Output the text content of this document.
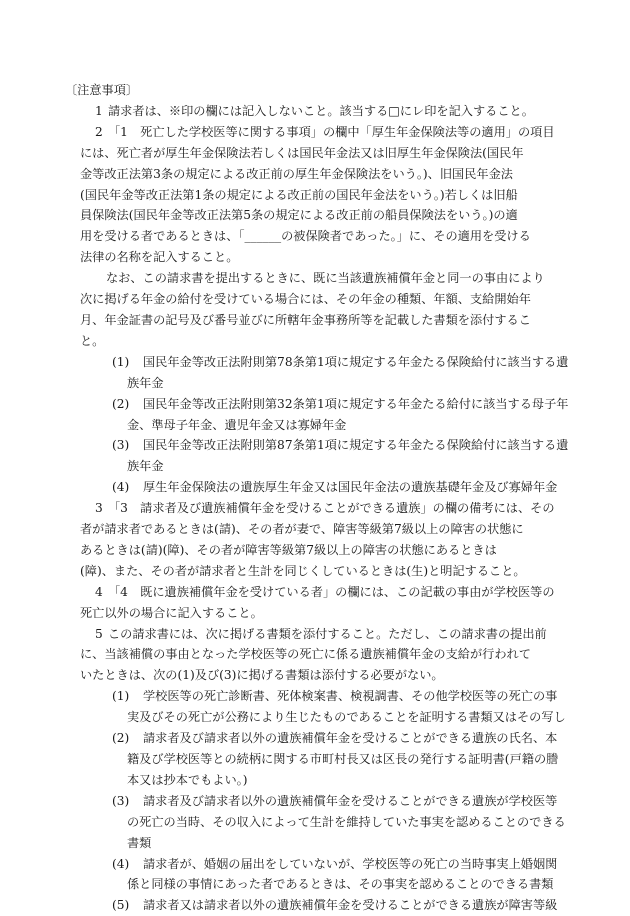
〔注意事項〕
1 請求者は、※印の欄には記入しないこと。該当する□にレ印を記入すること。
2 「1　死亡した学校医等に関する事項」の欄中「厚生年金保険法等の適用」の項目
には、死亡者が厚生年金保険法若しくは国民年金法又は旧厚生年金保険法(国民年
金等改正法第3条の規定による改正前の厚生年金保険法をいう。)、旧国民年金法
(国民年金等改正法第1条の規定による改正前の国民年金法をいう。)若しくは旧船
員保険法(国民年金等改正法第5条の規定による改正前の船員保険法をいう。)の適
用を受ける者であるときは、「______の被保険者であった。」に、その適用を受ける
法律の名称を記入すること。
なお、この請求書を提出するときに、既に当該遺族補償年金と同一の事由により
次に掲げる年金の給付を受けている場合には、その年金の種類、年額、支給開始年
月、年金証書の記号及び番号並びに所轄年金事務所等を記載した書類を添付するこ
と。
(1) 国民年金等改正法附則第78条第1項に規定する年金たる保険給付に該当する遺
族年金
(2) 国民年金等改正法附則第32条第1項に規定する年金たる給付に該当する母子年
金、準母子年金、遺児年金又は寡婦年金
(3) 国民年金等改正法附則第87条第1項に規定する年金たる保険給付に該当する遺
族年金
(4) 厚生年金保険法の遺族厚生年金又は国民年金法の遺族基礎年金及び寡婦年金
3 「3　請求者及び遺族補償年金を受けることができる遺族」の欄の備考には、その
者が請求者であるときは(請)、その者が妻で、障害等級第7級以上の障害の状態に
あるときは(請)(障)、その者が障害等級第7級以上の障害の状態にあるときは
(障)、また、その者が請求者と生計を同じくしているときは(生)と明記すること。
4 「4　既に遺族補償年金を受けている者」の欄には、この記載の事由が学校医等の
死亡以外の場合に記入すること。
5 この請求書には、次に掲げる書類を添付すること。ただし、この請求書の提出前
に、当該補償の事由となった学校医等の死亡に係る遺族補償年金の支給が行われて
いたときは、次の(1)及び(3)に掲げる書類は添付する必要がない。
(1) 学校医等の死亡診断書、死体検案書、検視調書、その他学校医等の死亡の事
実及びその死亡が公務により生じたものであることを証明する書類又はその写し
(2) 請求者及び請求者以外の遺族補償年金を受けることができる遺族の氏名、本
籍及び学校医等との続柄に関する市町村長又は区長の発行する証明書(戸籍の謄
本又は抄本でもよい。)
(3) 請求者及び請求者以外の遺族補償年金を受けることができる遺族が学校医等
の死亡の当時、その収入によって生計を維持していた事実を認めることのできる
書類
(4) 請求者が、婚姻の届出をしていないが、学校医等の死亡の当時事実上婚姻関
係と同様の事情にあった者であるときは、その事実を認めることのできる書類
(5) 請求者又は請求者以外の遺族補償年金を受けることができる遺族が障害等級
